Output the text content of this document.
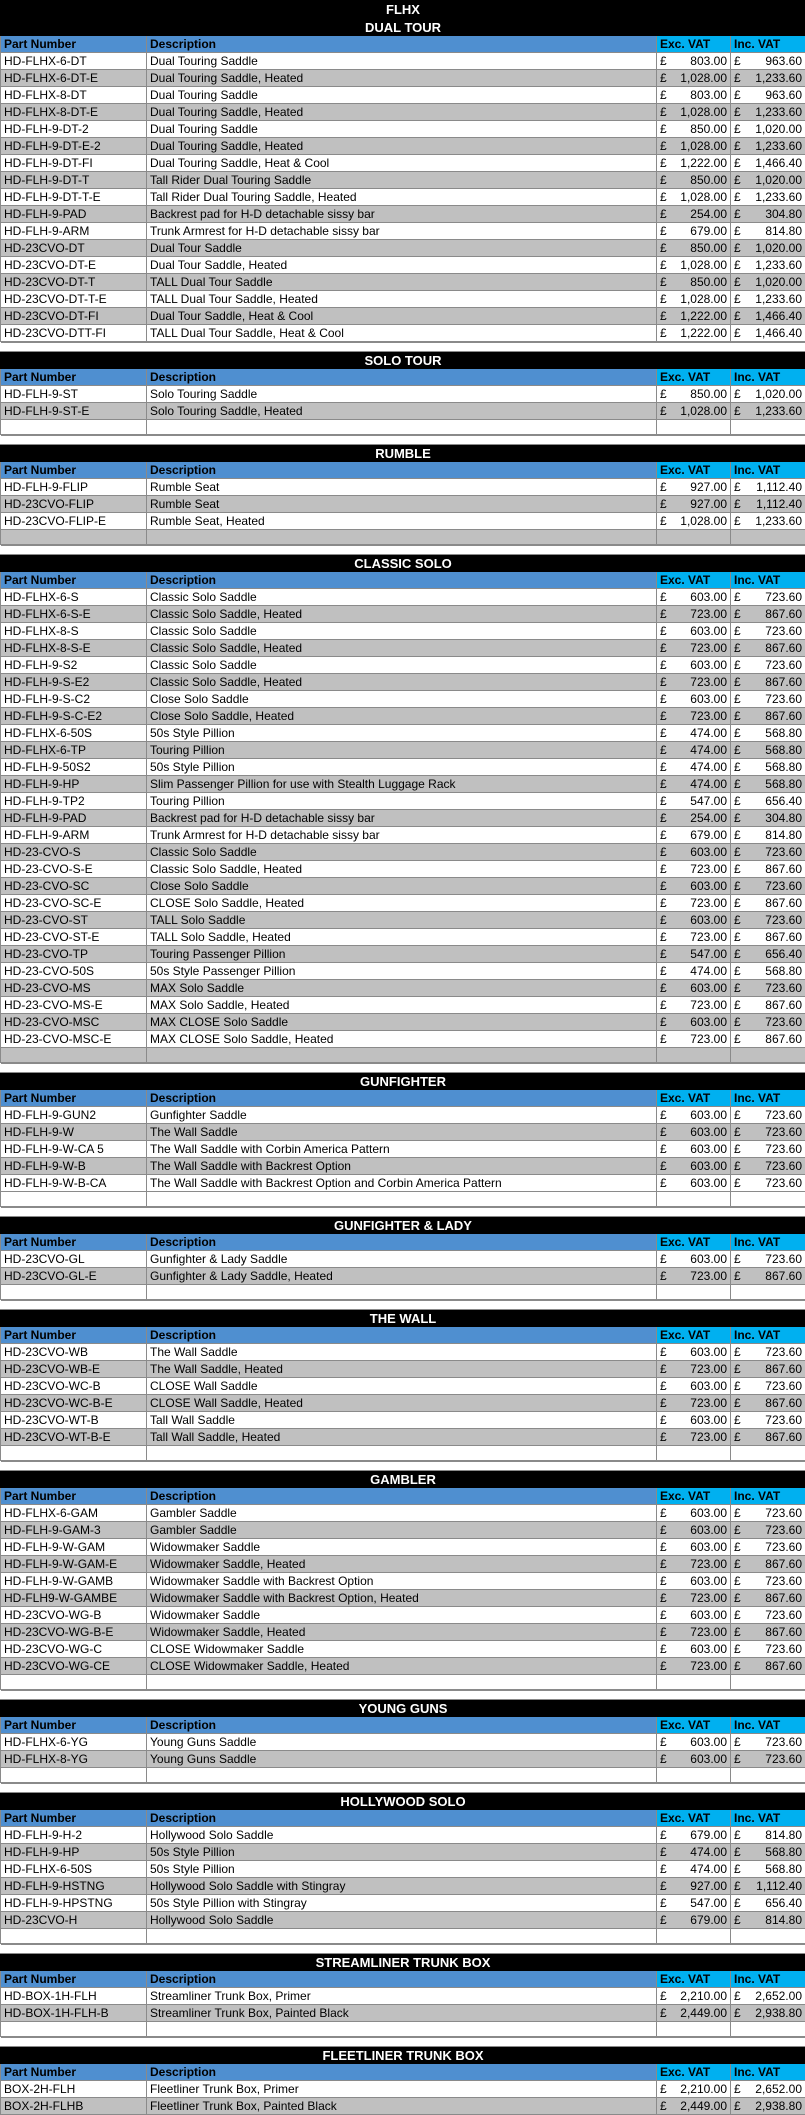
FLHX
DUAL TOUR			
Part Number	Description	Exc. VAT	Inc. VAT
HD-FLHX-6-DT	Dual Touring Saddle	£ 803.00	£ 963.60

HD-FLHX-6-DT-E	Dual Touring Saddle, Heated	£ 1,028.00	£ 1,233.60

HD-FLHX-8-DT	Dual Touring Saddle	£ 803.00	£ 963.60

HD-FLHX-8-DT-E	Dual Touring Saddle, Heated	£ 1,028.00	£ 1,233.60

HD-FLH-9-DT-2	Dual Touring Saddle	£ 850.00	£ 1,020.00

HD-FLH-9-DT-E-2	Dual Touring Saddle, Heated	£ 1,028.00	£ 1,233.60

HD-FLH-9-DT-FI	Dual Touring Saddle, Heat & Cool	£ 1,222.00	£ 1,466.40

HD-FLH-9-DT-T	Tall Rider Dual Touring Saddle	£ 850.00	£ 1,020.00

HD-FLH-9-DT-T-E	Tall Rider Dual Touring Saddle, Heated	£ 1,028.00	£ 1,233.60

HD-FLH-9-PAD	Backrest pad for H-D detachable sissy bar	£ 254.00	£ 304.80

HD-FLH-9-ARM	Trunk Armrest for H-D detachable sissy bar	£ 679.00	£ 814.80

HD-23CVO-DT	Dual Tour Saddle	£ 850.00	£ 1,020.00

HD-23CVO-DT-E	Dual Tour Saddle, Heated	£ 1,028.00	£ 1,233.60

HD-23CVO-DT-T	TALL Dual Tour Saddle	£ 850.00	£ 1,020.00

HD-23CVO-DT-T-E	TALL Dual Tour Saddle, Heated	£ 1,028.00	£ 1,233.60

HD-23CVO-DT-FI	Dual Tour Saddle, Heat & Cool	£ 1,222.00	£ 1,466.40

HD-23CVO-DTT-FI	TALL Dual Tour Saddle, Heat & Cool	£ 1,222.00	£ 1,466.40

SOLO TOUR			
Part Number	Description	Exc. VAT	Inc. VAT
HD-FLH-9-ST	Solo Touring Saddle	£ 850.00	£ 1,020.00

HD-FLH-9-ST-E	Solo Touring Saddle, Heated	£ 1,028.00	£ 1,233.60

RUMBLE			
Part Number	Description	Exc. VAT	Inc. VAT
HD-FLH-9-FLIP	Rumble Seat	£ 927.00	£ 1,112.40

HD-23CVO-FLIP	Rumble Seat	£ 927.00	£ 1,112.40

HD-23CVO-FLIP-E	Rumble Seat, Heated	£ 1,028.00	£ 1,233.60

CLASSIC SOLO			
Part Number	Description	Exc. VAT	Inc. VAT
HD-FLHX-6-S	Classic Solo Saddle	£ 603.00	£ 723.60

HD-FLHX-6-S-E	Classic Solo Saddle, Heated	£ 723.00	£ 867.60

HD-FLHX-8-S	Classic Solo Saddle	£ 603.00	£ 723.60

HD-FLHX-8-S-E	Classic Solo Saddle, Heated	£ 723.00	£ 867.60

HD-FLH-9-S2	Classic Solo Saddle	£ 603.00	£ 723.60

HD-FLH-9-S-E2	Classic Solo Saddle, Heated	£ 723.00	£ 867.60

HD-FLH-9-S-C2	Close Solo Saddle	£ 603.00	£ 723.60

HD-FLH-9-S-C-E2	Close Solo Saddle, Heated	£ 723.00	£ 867.60

HD-FLHX-6-50S	50s Style Pillion	£ 474.00	£ 568.80

HD-FLHX-6-TP	Touring Pillion	£ 474.00	£ 568.80

HD-FLH-9-50S2	50s Style Pillion	£ 474.00	£ 568.80

HD-FLH-9-HP	Slim Passenger Pillion for use with Stealth Luggage Rack	£ 474.00	£ 568.80

HD-FLH-9-TP2	Touring Pillion	£ 547.00	£ 656.40

HD-FLH-9-PAD	Backrest pad for H-D detachable sissy bar	£ 254.00	£ 304.80

HD-FLH-9-ARM	Trunk Armrest for H-D detachable sissy bar	£ 679.00	£ 814.80

HD-23-CVO-S	Classic Solo Saddle	£ 603.00	£ 723.60

HD-23-CVO-S-E	Classic Solo Saddle, Heated	£ 723.00	£ 867.60

HD-23-CVO-SC	Close Solo Saddle	£ 603.00	£ 723.60

HD-23-CVO-SC-E	CLOSE Solo Saddle, Heated	£ 723.00	£ 867.60

HD-23-CVO-ST	TALL Solo Saddle	£ 603.00	£ 723.60

HD-23-CVO-ST-E	TALL Solo Saddle, Heated	£ 723.00	£ 867.60

HD-23-CVO-TP	Touring Passenger Pillion	£ 547.00	£ 656.40

HD-23-CVO-50S	50s Style Passenger Pillion	£ 474.00	£ 568.80

HD-23-CVO-MS	MAX Solo Saddle	£ 603.00	£ 723.60

HD-23-CVO-MS-E	MAX Solo Saddle, Heated	£ 723.00	£ 867.60

HD-23-CVO-MSC	MAX CLOSE Solo Saddle	£ 603.00	£ 723.60

HD-23-CVO-MSC-E	MAX CLOSE Solo Saddle, Heated	£ 723.00	£ 867.60

GUNFIGHTER			
Part Number	Description	Exc. VAT	Inc. VAT
HD-FLH-9-GUN2	Gunfighter Saddle	£ 603.00	£ 723.60

HD-FLH-9-W	The Wall Saddle	£ 603.00	£ 723.60

HD-FLH-9-W-CA 5	The Wall Saddle with Corbin America Pattern	£ 603.00	£ 723.60

HD-FLH-9-W-B	The Wall Saddle with Backrest Option	£ 603.00	£ 723.60

HD-FLH-9-W-B-CA	The Wall Saddle with Backrest Option and Corbin America Pattern	£ 603.00	£ 723.60

GUNFIGHTER & LADY			
Part Number	Description	Exc. VAT	Inc. VAT
HD-23CVO-GL	Gunfighter & Lady Saddle	£ 603.00	£ 723.60

HD-23CVO-GL-E	Gunfighter & Lady Saddle, Heated	£ 723.00	£ 867.60

THE WALL			
Part Number	Description	Exc. VAT	Inc. VAT
HD-23CVO-WB	The Wall Saddle	£ 603.00	£ 723.60

HD-23CVO-WB-E	The Wall Saddle, Heated	£ 723.00	£ 867.60

HD-23CVO-WC-B	CLOSE Wall Saddle	£ 603.00	£ 723.60

HD-23CVO-WC-B-E	CLOSE Wall Saddle, Heated	£ 723.00	£ 867.60

HD-23CVO-WT-B	Tall Wall Saddle	£ 603.00	£ 723.60

HD-23CVO-WT-B-E	Tall Wall Saddle, Heated	£ 723.00	£ 867.60

GAMBLER			
Part Number	Description	Exc. VAT	Inc. VAT
HD-FLHX-6-GAM	Gambler Saddle	£ 603.00	£ 723.60

HD-FLH-9-GAM-3	Gambler Saddle	£ 603.00	£ 723.60

HD-FLH-9-W-GAM	Widowmaker Saddle	£ 603.00	£ 723.60

HD-FLH-9-W-GAM-E	Widowmaker Saddle, Heated	£ 723.00	£ 867.60

HD-FLH-9-W-GAMB	Widowmaker Saddle with Backrest Option	£ 603.00	£ 723.60

HD-FLH9-W-GAMBE	Widowmaker Saddle with Backrest Option, Heated	£ 723.00	£ 867.60

HD-23CVO-WG-B	Widowmaker Saddle	£ 603.00	£ 723.60

HD-23CVO-WG-B-E	Widowmaker Saddle, Heated	£ 723.00	£ 867.60

HD-23CVO-WG-C	CLOSE Widowmaker Saddle	£ 603.00	£ 723.60

HD-23CVO-WG-CE	CLOSE Widowmaker Saddle, Heated	£ 723.00	£ 867.60

YOUNG GUNS			
Part Number	Description	Exc. VAT	Inc. VAT
HD-FLHX-6-YG	Young Guns Saddle	£ 603.00	£ 723.60

HD-FLHX-8-YG	Young Guns Saddle	£ 603.00	£ 723.60

HOLLYWOOD SOLO			
Part Number	Description	Exc. VAT	Inc. VAT
HD-FLH-9-H-2	Hollywood Solo Saddle	£ 679.00	£ 814.80

HD-FLH-9-HP	50s Style Pillion	£ 474.00	£ 568.80

HD-FLHX-6-50S	50s Style Pillion	£ 474.00	£ 568.80

HD-FLH-9-HSTNG	Hollywood Solo Saddle with Stingray	£ 927.00	£ 1,112.40

HD-FLH-9-HPSTNG	50s Style Pillion with Stingray	£ 547.00	£ 656.40

HD-23CVO-H	Hollywood Solo Saddle	£ 679.00	£ 814.80

STREAMLINER TRUNK BOX			
Part Number	Description	Exc. VAT	Inc. VAT
HD-BOX-1H-FLH	Streamliner Trunk Box, Primer	£ 2,210.00	£ 2,652.00

HD-BOX-1H-FLH-B	Streamliner Trunk Box, Painted Black	£ 2,449.00	£ 2,938.80

FLEETLINER TRUNK BOX			
Part Number	Description	Exc. VAT	Inc. VAT
BOX-2H-FLH	Fleetliner Trunk Box, Primer	£ 2,210.00	£ 2,652.00

BOX-2H-FLHB	Fleetliner Trunk Box, Painted Black	£ 2,449.00	£ 2,938.80
